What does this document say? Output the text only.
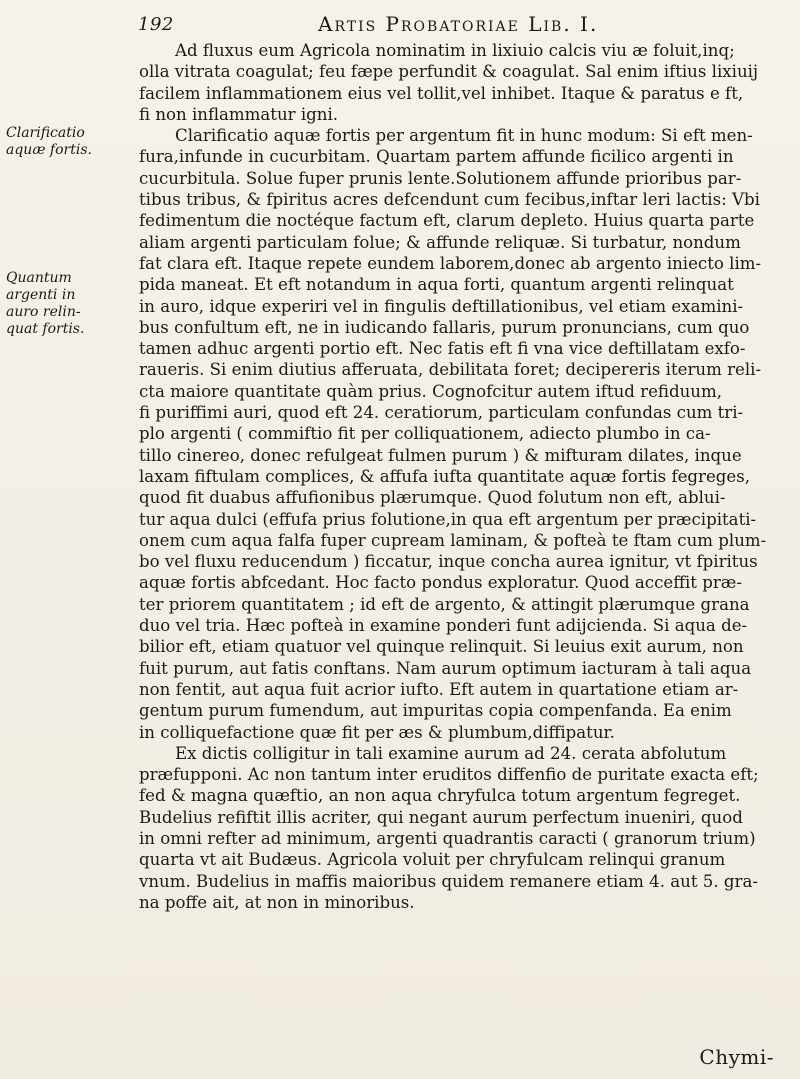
192	Artis Probatoriae Lib. I.
Clarificatio
aquæ fortis.
Quantum
argenti in
auro relin-
quat fortis.
Ad fluxus eum Agricola nominatim in lixiuio calcis viu æ foluit,inq;
olla vitrata coagulat; feu fæpe perfundit & coagulat. Sal enim iftius lixiuij
facilem inflammationem eius vel tollit,vel inhibet. Itaque & paratus e ft,
fi non inflammatur igni.
Clarificatio aquæ fortis per argentum fit in hunc modum: Si eft men-
fura,infunde in cucurbitam. Quartam partem affunde ficilico argenti in
cucurbitula. Solue fuper prunis lente.Solutionem affunde prioribus par-
tibus tribus, & fpiritus acres defcendunt cum fecibus,inftar leri lactis: Vbi
fedimentum die noctéque factum eft, clarum depleto. Huius quarta parte
aliam argenti particulam folue; & affunde reliquæ. Si turbatur, nondum
fat clara eft. Itaque repete eundem laborem,donec ab argento iniecto lim-
pida maneat. Et eft notandum in aqua forti, quantum argenti relinquat
in auro, idque experiri vel in fingulis deftillationibus, vel etiam examini-
bus confultum eft, ne in iudicando fallaris, purum pronuncians, cum quo
tamen adhuc argenti portio eft. Nec fatis eft fi vna vice deftillatam exfo-
raueris. Si enim diutius afferuata, debilitata foret; decipereris iterum reli-
cta maiore quantitate quàm prius. Cognofcitur autem iftud refiduum,
fi puriffimi auri, quod eft 24. ceratiorum, particulam confundas cum tri-
plo argenti ( commiftio fit per colliquationem, adiecto plumbo in ca-
tillo cinereo, donec refulgeat fulmen purum ) & mifturam dilates, inque
laxam fiftulam complices, & affufa iufta quantitate aquæ fortis fegreges,
quod fit duabus affufionibus plærumque. Quod folutum non eft, ablui-
tur aqua dulci (effufa prius folutione,in qua eft argentum per præcipitati-
onem cum aqua falfa fuper cupream laminam, & pofteà te ftam cum plum-
bo vel fluxu reducendum ) ficcatur, inque concha aurea ignitur, vt fpiritus
aquæ fortis abfcedant. Hoc facto pondus exploratur. Quod acceffit præ-
ter priorem quantitatem ; id eft de argento, & attingit plærumque grana
duo vel tria. Hæc pofteà in examine ponderi funt adijcienda. Si aqua de-
bilior eft, etiam quatuor vel quinque relinquit. Si leuius exit aurum, non
fuit purum, aut fatis conftans. Nam aurum optimum iacturam à tali aqua
non fentit, aut aqua fuit acrior iufto. Eft autem in quartatione etiam ar-
gentum purum fumendum, aut impuritas copia compenfanda. Ea enim
in colliquefactione quæ fit per æs & plumbum,diffipatur.
Ex dictis colligitur in tali examine aurum ad 24. cerata abfolutum
præfupponi. Ac non tantum inter eruditos diffenfio de puritate exacta eft;
fed & magna quæftio, an non aqua chryfulca totum argentum fegreget.
Budelius refiftit illis acriter, qui negant aurum perfectum inueniri, quod
in omni refter ad minimum, argenti quadrantis caracti ( granorum trium)
quarta vt ait Budæus. Agricola voluit per chryfulcam relinqui granum
vnum. Budelius in maffis maioribus quidem remanere etiam 4. aut 5. gra-
na poffe ait, at non in minoribus.
Chymi-
